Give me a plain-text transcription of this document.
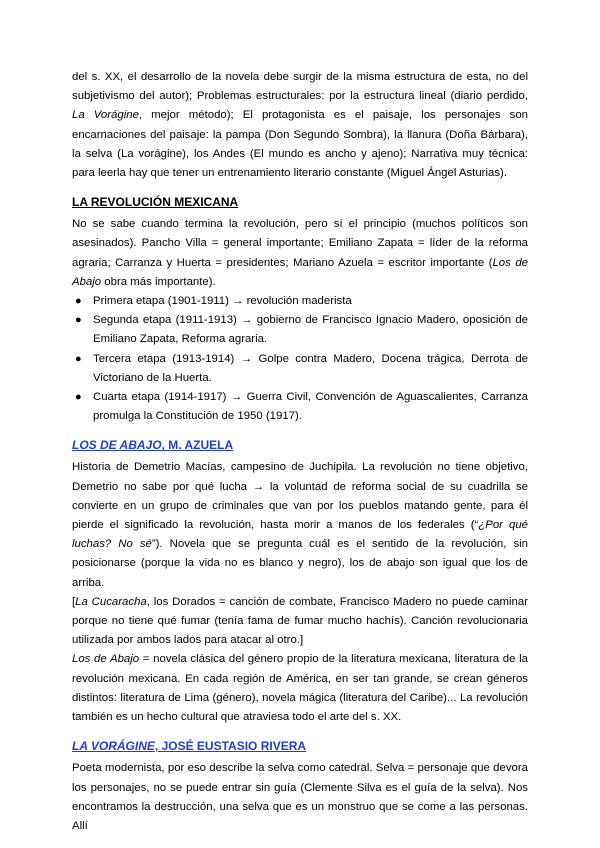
del s. XX, el desarrollo de la novela debe surgir de la misma estructura de esta, no del subjetivismo del autor); Problemas estructurales: por la estructura lineal (diario perdido, La Vorágine, mejor método); El protagonista es el paisaje, los personajes son encarnaciones del paisaje: la pampa (Don Segundo Sombra), la llanura (Doña Bárbara), la selva (La vorágine), los Andes (El mundo es ancho y ajeno); Narrativa muy técnica: para leerla hay que tener un entrenamiento literario constante (Miguel Ángel Asturias).

LA REVOLUCIÓN MEXICANA

No se sabe cuando termina la revolución, pero sí el principio (muchos políticos son asesinados). Pancho Villa = general importante; Emiliano Zapata = líder de la reforma agraria; Carranza y Huerta = presidentes; Mariano Azuela = escritor importante (Los de Abajo obra más importante).

● Primera etapa (1901-1911) → revolución maderista
● Segunda etapa (1911-1913) → gobierno de Francisco Ignacio Madero, oposición de Emiliano Zapata, Reforma agraria.
● Tercera etapa (1913-1914) → Golpe contra Madero, Docena trágica, Derrota de Victoriano de la Huerta.
● Cuarta etapa (1914-1917) → Guerra Civil, Convención de Aguascalientes, Carranza promulga la Constitución de 1950 (1917).
LOS DE ABAJO, M. AZUELA

Historia de Demetrio Macías, campesino de Juchipila. La revolución no tiene objetivo, Demetrio no sabe por qué lucha → la voluntad de reforma social de su cuadrilla se convierte en un grupo de criminales que van por los pueblos matando gente, para él pierde el significado la revolución, hasta morir a manos de los federales (“¿Por qué luchas? No sé”). Novela que se pregunta cuál es el sentido de la revolución, sin posicionarse (porque la vida no es blanco y negro), los de abajo son igual que los de arriba.

[La Cucaracha, los Dorados = canción de combate, Francisco Madero no puede caminar porque no tiene qué fumar (tenía fama de fumar mucho hachís). Canción revolucionaria utilizada por ambos lados para atacar al otro.]

Los de Abajo = novela clásica del género propio de la literatura mexicana, literatura de la revolución mexicana. En cada región de América, en ser tan grande, se crean géneros distintos: literatura de Lima (género), novela mágica (literatura del Caribe)... La revolución también es un hecho cultural que atraviesa todo el arte del s. XX.

LA VORÁGINE, JOSÉ EUSTASIO RIVERA

Poeta modernista, por eso describe la selva como catedral. Selva = personaje que devora los personajes, no se puede entrar sin guía (Clemente Silva es el guía de la selva). Nos encontramos la destrucción, una selva que es un monstruo que se come a las personas. Allí
